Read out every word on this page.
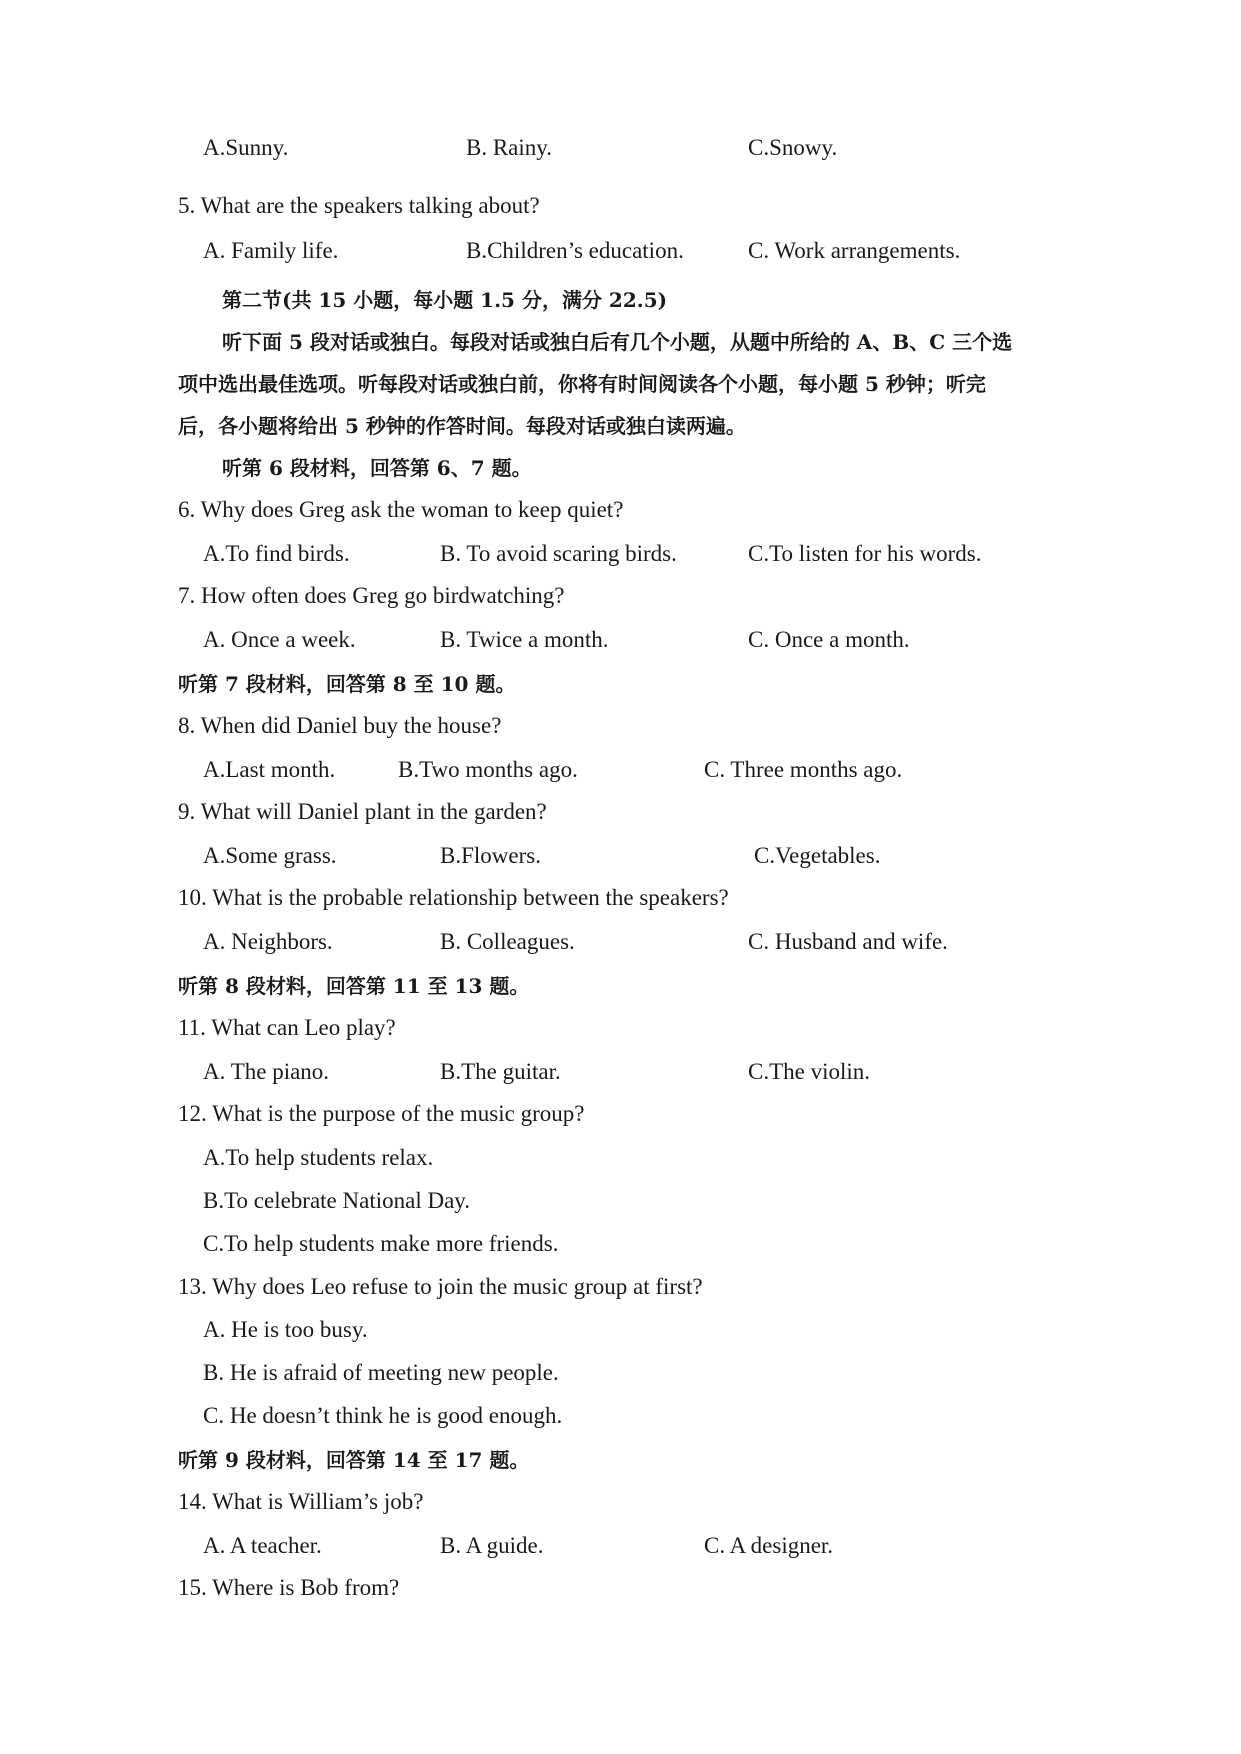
A.Sunny.	B. Rainy.	C.Snowy.
5. What are the speakers talking about?
A. Family life.	B.Children’s education.	C. Work arrangements.
第二节(共 15 小题，每小题 1.5 分，满分 22.5)
听下面 5 段对话或独白。每段对话或独白后有几个小题，从题中所给的 A、B、C 三个选
项中选出最佳选项。听每段对话或独白前，你将有时间阅读各个小题，每小题 5 秒钟；听完
后，各小题将给出 5 秒钟的作答时间。每段对话或独白读两遍。
听第 6 段材料，回答第 6、7 题。
6. Why does Greg ask the woman to keep quiet?
A.To find birds.	B. To avoid scaring birds.	C.To listen for his words.
7. How often does Greg go birdwatching?
A. Once a week.	B. Twice a month.	C. Once a month.
听第 7 段材料，回答第 8 至 10 题。
8. When did Daniel buy the house?
A.Last month.	B.Two months ago.	C. Three months ago.
9. What will Daniel plant in the garden?
A.Some grass.	B.Flowers.	C.Vegetables.
10. What is the probable relationship between the speakers?
A. Neighbors.	B. Colleagues.	C. Husband and wife.
听第 8 段材料，回答第 11 至 13 题。
11. What can Leo play?
A. The piano.	B.The guitar.	C.The violin.
12. What is the purpose of the music group?
A.To help students relax.
B.To celebrate National Day.
C.To help students make more friends.
13. Why does Leo refuse to join the music group at first?
A. He is too busy.
B. He is afraid of meeting new people.
C. He doesn’t think he is good enough.
听第 9 段材料，回答第 14 至 17 题。
14. What is William’s job?
A. A teacher.	B. A guide.	C. A designer.
15. Where is Bob from?
